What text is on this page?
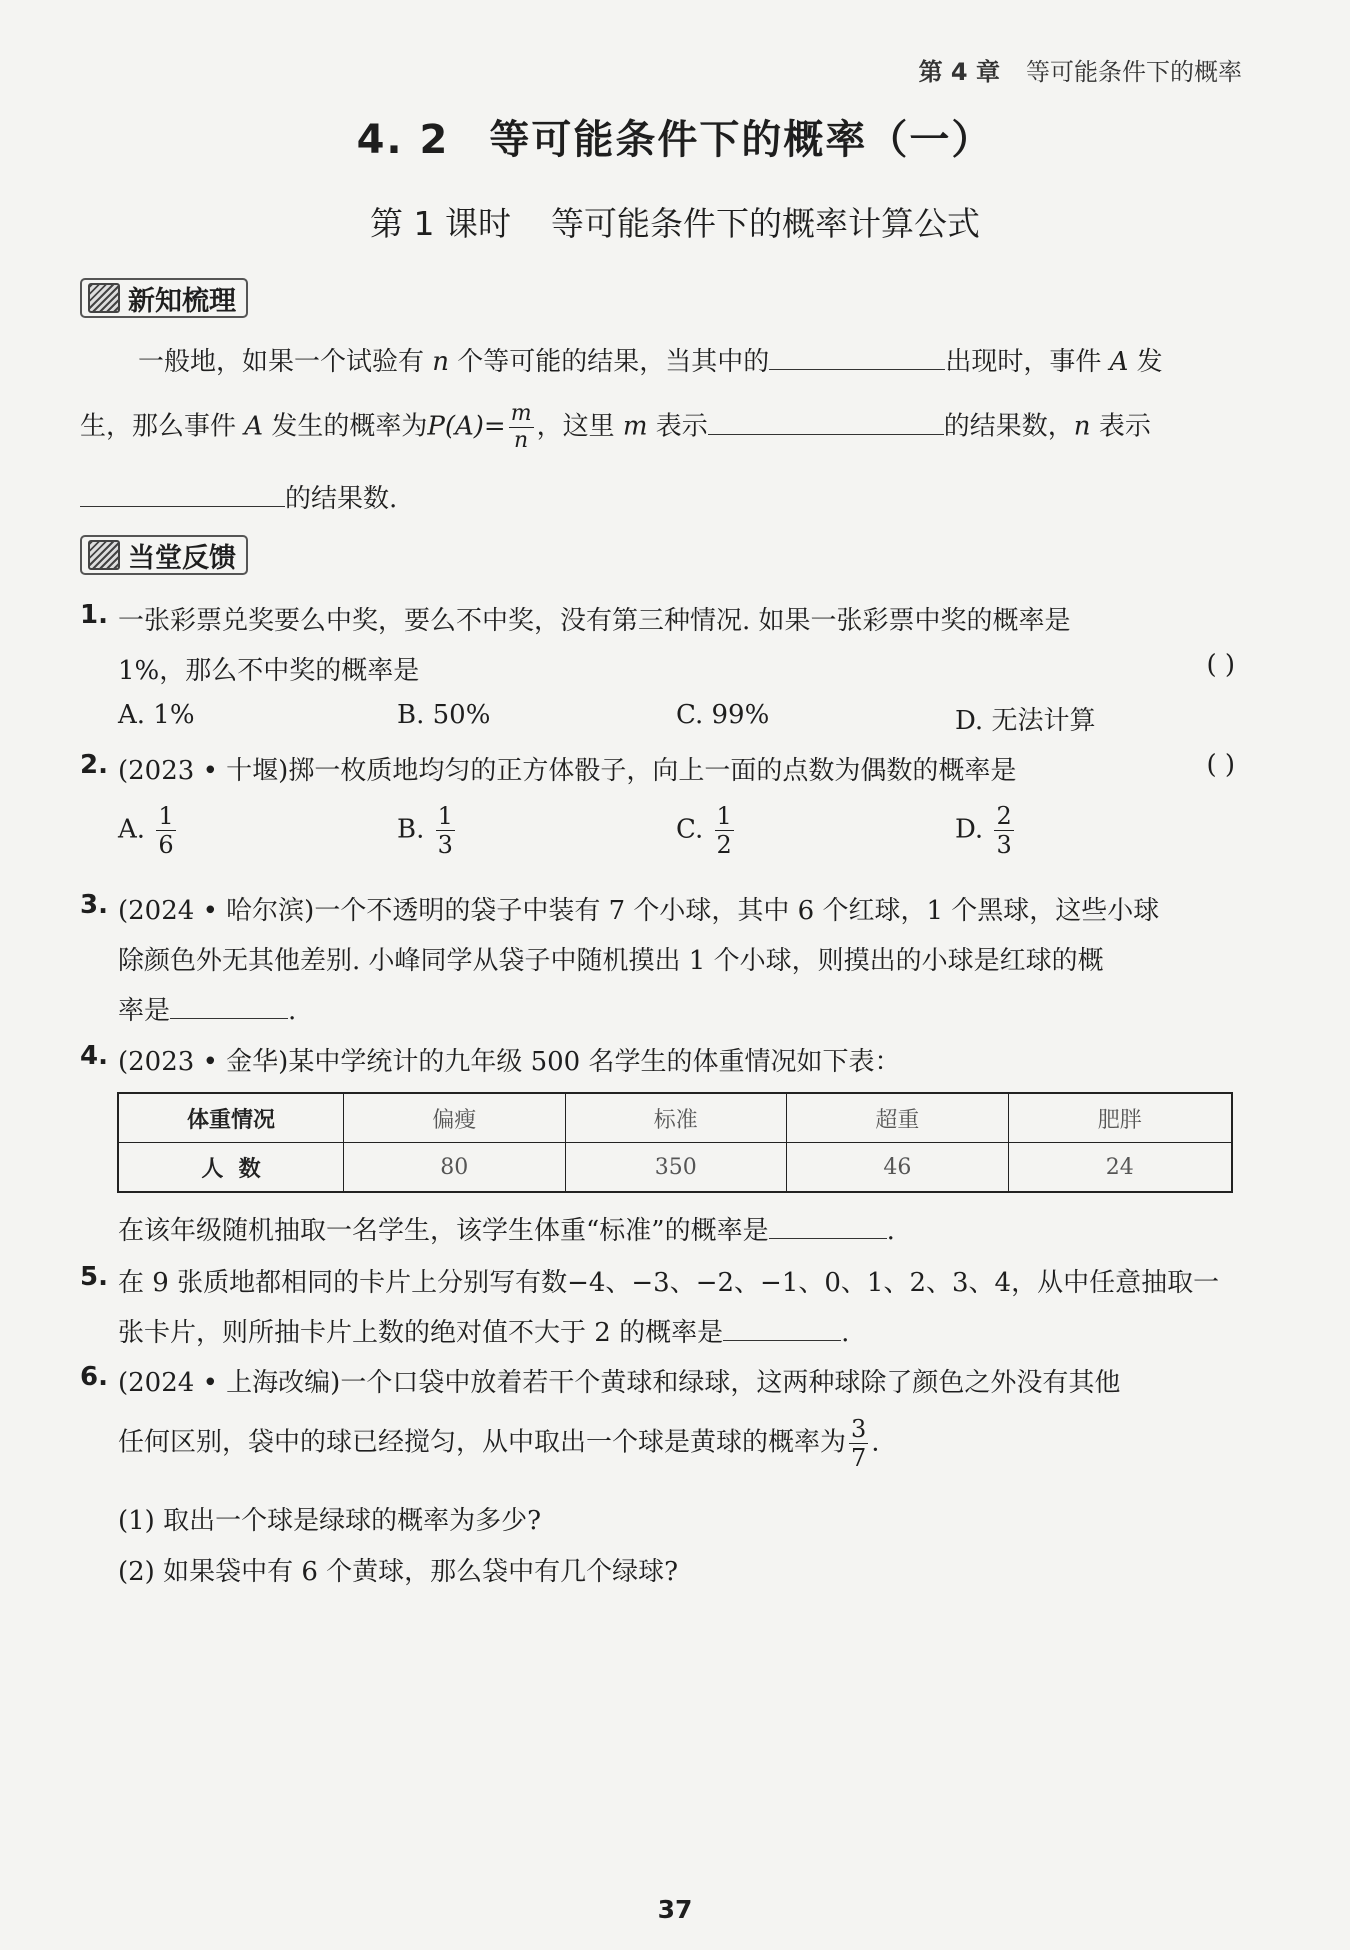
第 4 章 等可能条件下的概率
4. 2 等可能条件下的概率（一）
第 1 课时 等可能条件下的概率计算公式
新知梳理
一般地，如果一个试验有 n 个等可能的结果，当其中的	出现时，事件 A 发
生，那么事件 A 发生的概率为$P(A)= \frac{m}{n}$ ，这里 m 表示	的结果数，n 表示
的结果数.
当堂反馈
1. 一张彩票兑奖要么中奖，要么不中奖，没有第三种情况. 如果一张彩票中奖的概率是
1%，那么不中奖的概率是	( )
A. 1%	B. 50%	C. 99%	D. 无法计算
2. (2023 • 十堰)掷一枚质地均匀的正方体骰子，向上一面的点数为偶数的概率是	( )
A. $\frac{1}{6}$	B. $\frac{1}{3}$	C. $\frac{1}{2}$	D. $\frac{2}{3}$
3. (2024 • 哈尔滨)一个不透明的袋子中装有 7 个小球，其中 6 个红球，1 个黑球，这些小球
除颜色外无其他差别. 小峰同学从袋子中随机摸出 1 个小球，则摸出的小球是红球的概
率是	.
4. (2023 • 金华)某中学统计的九年级 500 名学生的体重情况如下表：
体重情况	偏瘦	标准	超重	肥胖
人  数	80	350	46	24
在该年级随机抽取一名学生，该学生体重“标准”的概率是	.
5. 在 9 张质地都相同的卡片上分别写有数−4、−3、−2、−1、0、1、2、3、4，从中任意抽取一
张卡片，则所抽卡片上数的绝对值不大于 2 的概率是	.
6. (2024 • 上海改编)一个口袋中放着若干个黄球和绿球，这两种球除了颜色之外没有其他
任何区别，袋中的球已经搅匀，从中取出一个球是黄球的概率为 $\frac{3}{7}$ .
(1) 取出一个球是绿球的概率为多少?
(2) 如果袋中有 6 个黄球，那么袋中有几个绿球?
37
